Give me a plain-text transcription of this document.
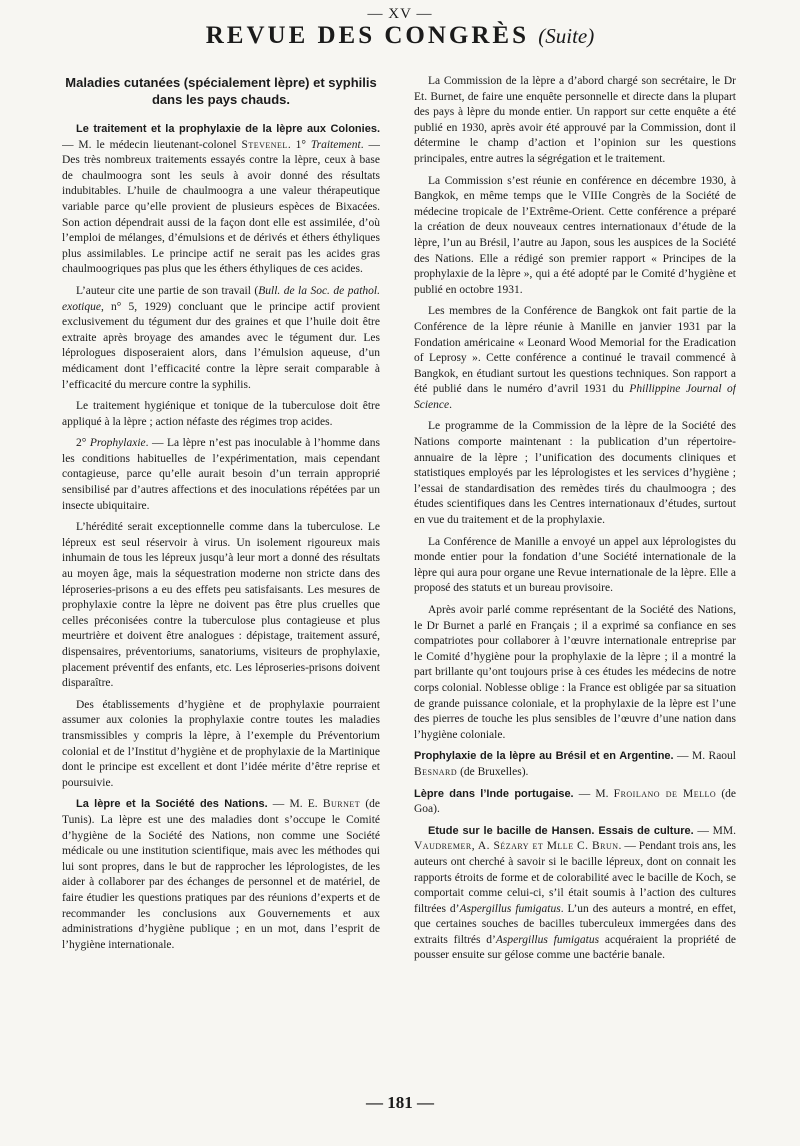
— XV —
REVUE DES CONGRÈS (Suite)
Maladies cutanées (spécialement lèpre) et syphilis dans les pays chauds.

Le traitement et la prophylaxie de la lèpre aux Colonies. — M. le médecin lieutenant-colonel Stevenel. 1° Traitement. — Des très nombreux traitements essayés contre la lèpre, ceux à base de chaulmoogra sont les seuls à avoir donné des résultats indubitables. L’huile de chaulmoogra a une valeur thérapeutique variable parce qu’elle provient de plusieurs espèces de Bixacées. Son action dépendrait aussi de la façon dont elle est assimilée, d’où l’emploi de mélanges, d’émulsions et de dérivés et éthers éthyliques plus assimilables. Le principe actif ne serait pas les acides gras chaulmoogriques pas plus que les éthers éthyliques de ces acides.

L’auteur cite une partie de son travail (Bull. de la Soc. de pathol. exotique, n° 5, 1929) concluant que le principe actif provient exclusivement du tégument dur des graines et que l’huile doit être extraite après broyage des amandes avec le tégument dur. Les léprologues disposeraient alors, dans l’émulsion aqueuse, d’un médicament dont l’efficacité contre la lèpre serait comparable à l’efficacité du mercure contre la syphilis.

Le traitement hygiénique et tonique de la tuberculose doit être appliqué à la lèpre ; action néfaste des régimes trop acides.

2° Prophylaxie. — La lèpre n’est pas inoculable à l’homme dans les conditions habituelles de l’expérimentation, mais cependant contagieuse, parce qu’elle aurait besoin d’un terrain approprié sensibilisé par d’autres affections et des inoculations répétées par un insecte ubiquitaire.

L’hérédité serait exceptionnelle comme dans la tuberculose. Le lépreux est seul réservoir à virus. Un isolement rigoureux mais inhumain de tous les lépreux jusqu’à leur mort a donné des résultats au moyen âge, mais la séquestration moderne non stricte dans des léproseries-prisons a eu des effets peu satisfaisants. Les mesures de prophylaxie contre la lèpre ne doivent pas être plus cruelles que celles préconisées contre la tuberculose plus contagieuse et plus meurtrière et doivent être analogues : dépistage, traitement assuré, dispensaires, préventoriums, sanatoriums, visiteurs de prophylaxie, placement préventif des enfants, etc. Les léproseries-prisons doivent disparaître.

Des établissements d’hygiène et de prophylaxie pourraient assumer aux colonies la prophylaxie contre toutes les maladies transmissibles y compris la lèpre, à l’exemple du Préventorium colonial et de l’Institut d’hygiène et de prophylaxie de la Martinique dont le principe est excellent et dont l’idée mérite d’être reprise et poursuivie.

La lèpre et la Société des Nations. — M. E. Burnet (de Tunis). La lèpre est une des maladies dont s’occupe le Comité d’hygiène de la Société des Nations, non comme une Société médicale ou une institution scientifique, mais avec les méthodes qui lui sont propres, dans le but de rapprocher les léprologistes, de les aider à collaborer par des échanges de personnel et de matériel, de faire étudier les questions pratiques par des réunions d’experts et de recommander les conclusions aux Gouvernements et aux administrations d’hygiène publique ; en un mot, dans l’esprit de l’hygiène internationale.

La Commission de la lèpre a d’abord chargé son secrétaire, le Dr Et. Burnet, de faire une enquête personnelle et directe dans la plupart des pays à lèpre du monde entier. Un rapport sur cette enquête a été publié en 1930, après avoir été approuvé par la Commission, dont il détermine le champ d’action et l’opinion sur les questions principales, entre autres la ségrégation et le traitement.

La Commission s’est réunie en conférence en décembre 1930, à Bangkok, en même temps que le VIIIe Congrès de la Société de médecine tropicale de l’Extrême-Orient. Cette conférence a préparé la création de deux nouveaux centres internationaux d’étude de la lèpre, l’un au Brésil, l’autre au Japon, sous les auspices de la Société des Nations. Elle a rédigé son premier rapport « Principes de la prophylaxie de la lèpre », qui a été adopté par le Comité d’hygiène et publié en octobre 1931.

Les membres de la Conférence de Bangkok ont fait partie de la Conférence de la lèpre réunie à Manille en janvier 1931 par la Fondation américaine « Leonard Wood Memorial for the Eradication of Leprosy ». Cette conférence a continué le travail commencé à Bangkok, en étudiant surtout les questions techniques. Son rapport a été publié dans le numéro d’avril 1931 du Phillippine Journal of Science.

Le programme de la Commission de la lèpre de la Société des Nations comporte maintenant : la publication d’un répertoire-annuaire de la lèpre ; l’unification des documents cliniques et statistiques employés par les léprologistes et les services d’hygiène ; l’essai de standardisation des remèdes tirés du chaulmoogra ; des études scientifiques dans les Centres internationaux d’études, surtout en vue du traitement et de la prophylaxie.

La Conférence de Manille a envoyé un appel aux léprologistes du monde entier pour la fondation d’une Société internationale de la lèpre qui aura pour organe une Revue internationale de la lèpre. Elle a proposé des statuts et un bureau provisoire.

Après avoir parlé comme représentant de la Société des Nations, le Dr Burnet a parlé en Français ; il a exprimé sa confiance en ses compatriotes pour collaborer à l’œuvre internationale entreprise par le Comité d’hygiène pour la prophylaxie de la lèpre ; il a montré la part brillante qu’ont toujours prise à ces études les médecins de notre corps colonial. Noblesse oblige : la France est obligée par sa situation de grande puissance coloniale, et la prophylaxie de la lèpre est l’une des pierres de touche les plus sensibles de l’œuvre d’une nation dans l’hygiène coloniale.

Prophylaxie de la lèpre au Brésil et en Argentine. — M. Raoul Besnard (de Bruxelles).

Lèpre dans l’Inde portugaise. — M. Froilano de Mello (de Goa).

Etude sur le bacille de Hansen. Essais de culture. — MM. Vaudremer, A. Sézary et Mlle C. Brun. — Pendant trois ans, les auteurs ont cherché à savoir si le bacille lépreux, dont on connait les rapports étroits de forme et de colorabilité avec le bacille de Koch, se comportait comme celui-ci, s’il était soumis à l’action des cultures filtrées d’Aspergillus fumigatus. L’un des auteurs a montré, en effet, que certaines souches de bacilles tuberculeux immergées dans des extraits filtrés d’Aspergillus fumigatus acquéraient la propriété de pousser ensuite sur gélose comme une bactérie banale.

— 181 —
